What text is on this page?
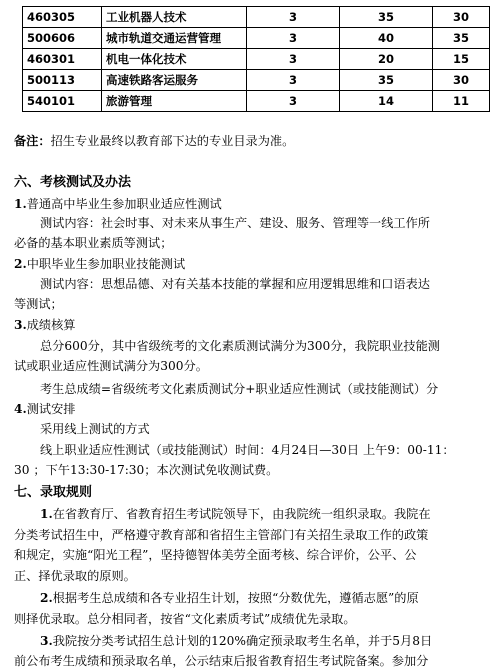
460305	工业机器人技术	3	35	30
500606	城市轨道交通运营管理	3	40	35
460301	机电一体化技术	3	20	15
500113	高速铁路客运服务	3	35	30
540101	旅游管理	3	14	11
备注：招生专业最终以教育部下达的专业目录为准。
六、考核测试及办法
1.普通高中毕业生参加职业适应性测试
测试内容：社会时事、对未来从事生产、建设、服务、管理等一线工作所
必备的基本职业素质等测试；
2.中职毕业生参加职业技能测试
测试内容：思想品德、对有关基本技能的掌握和应用逻辑思维和口语表达
等测试；
3.成绩核算
总分600分，其中省级统考的文化素质测试满分为300分，我院职业技能测
试或职业适应性测试满分为300分。
考生总成绩=省级统考文化素质测试分+职业适应性测试（或技能测试）分
4.测试安排
采用线上测试的方式
线上职业适应性测试（或技能测试）时间：4月24日—30日 上午9：00-11：
30 ；下午13:30-17:30；本次测试免收测试费。
七、录取规则
1.在省教育厅、省教育招生考试院领导下，由我院统一组织录取。我院在
分类考试招生中，严格遵守教育部和省招生主管部门有关招生录取工作的政策
和规定，实施“阳光工程”，坚持德智体美劳全面考核、综合评价，公平、公
正、择优录取的原则。
2.根据考生总成绩和各专业招生计划，按照“分数优先，遵循志愿”的原
则择优录取。总分相同者，按省“文化素质考试”成绩优先录取。
3.我院按分类考试招生总计划的120%确定预录取考生名单，并于5月8日
前公布考生成绩和预录取名单，公示结束后报省教育招生考试院备案。参加分
